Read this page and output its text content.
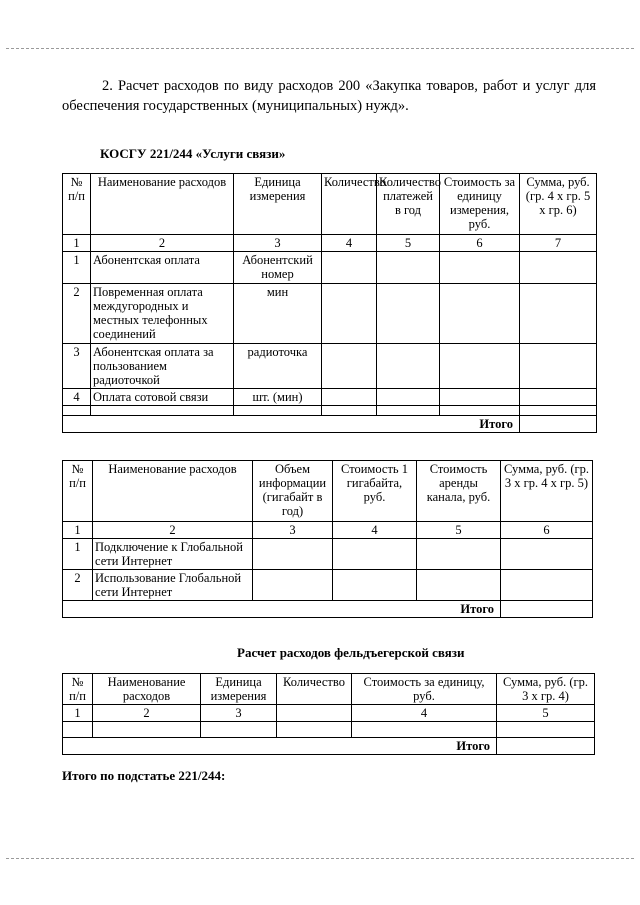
2. Расчет расходов по виду расходов 200 «Закупка товаров, работ и услуг для обеспечения государственных (муниципальных) нужд».
КОСГУ 221/244 «Услуги связи»
№ п/п	Наименование расходов	Единица измерения	Количество	Количество платежей в год	Стоимость за единицу измерения, руб.	Сумма, руб. (гр. 4 x гр. 5 x гр. 6)
1	2	3	4	5	6	7
1	Абонентская оплата	Абонентский номер				
2	Повременная оплата междугородных и местных телефонных соединений	мин				
3	Абонентская оплата за пользованием радиоточкой	радиоточка				
4	Оплата сотовой связи	шт. (мин)				

Итого						
№ п/п	Наименование расходов	Объем информации (гигабайт в год)	Стоимость 1 гигабайта, руб.	Стоимость аренды канала, руб.	Сумма, руб. (гр. 3 x гр. 4 x гр. 5)
1	2	3	4	5	6
1	Подключение к Глобальной сети Интернет				
2	Использование Глобальной сети Интернет				
Итого					
Расчет расходов фельдъегерской связи
№ п/п	Наименование расходов	Единица измерения	Количество	Стоимость за единицу, руб.	Сумма, руб. (гр. 3 x гр. 4)
1	2	3		4	5

Итого					
Итого по подстатье 221/244:
